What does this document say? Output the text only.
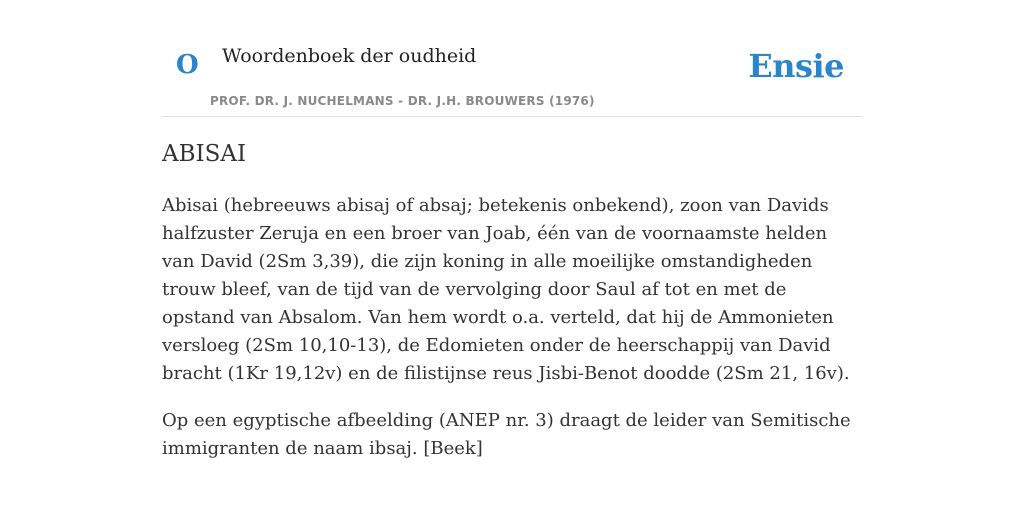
O Woordenboek der oudheid
PROF. DR. J. NUCHELMANS - DR. J.H. BROUWERS (1976)
Ensie
ABISAI

Abisai (hebreeuws abisaj of absaj; betekenis onbekend), zoon van Davids halfzuster Zeruja en een broer van Joab, één van de voornaamste helden van David (2Sm 3,39), die zijn koning in alle moeilijke omstandigheden trouw bleef, van de tijd van de vervolging door Saul af tot en met de opstand van Absalom. Van hem wordt o.a. verteld, dat hij de Ammonieten versloeg (2Sm 10,10-13), de Edomieten onder de heerschappij van David bracht (1Kr 19,12v) en de filistijnse reus Jisbi-Benot doodde (2Sm 21, 16v).

Op een egyptische afbeelding (ANEP nr. 3) draagt de leider van Semitische immigranten de naam ibsaj. [Beek]
